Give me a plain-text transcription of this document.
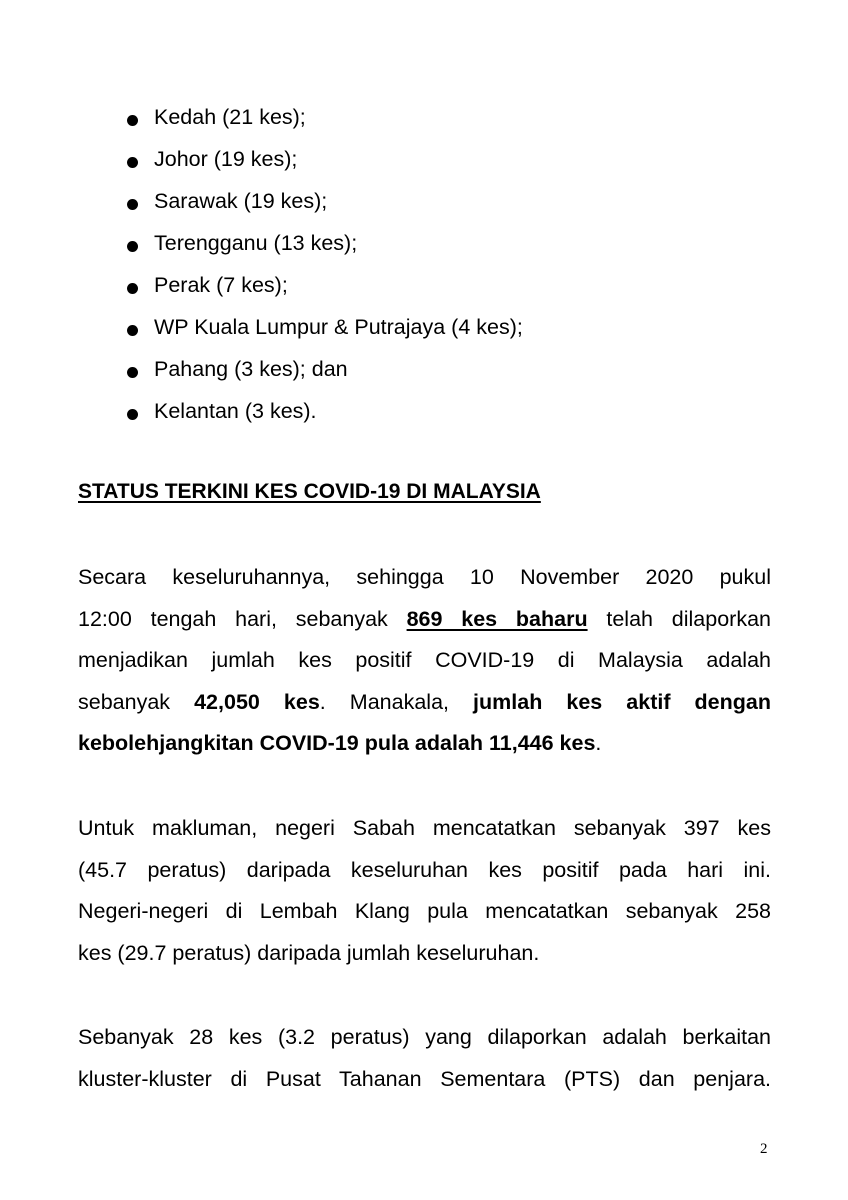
Kedah (21 kes);
Johor (19 kes);
Sarawak (19 kes);
Terengganu (13 kes);
Perak (7 kes);
WP Kuala Lumpur & Putrajaya (4 kes);
Pahang (3 kes); dan
Kelantan (3 kes).
STATUS TERKINI KES COVID-19 DI MALAYSIA
Secara keseluruhannya, sehingga 10 November 2020 pukul
12:00 tengah hari, sebanyak 869 kes baharu telah dilaporkan
menjadikan jumlah kes positif COVID-19 di Malaysia adalah
sebanyak 42,050 kes. Manakala, jumlah kes aktif dengan
kebolehjangkitan COVID-19 pula adalah 11,446 kes.
Untuk makluman, negeri Sabah mencatatkan sebanyak 397 kes
(45.7 peratus) daripada keseluruhan kes positif pada hari ini.
Negeri-negeri di Lembah Klang pula mencatatkan sebanyak 258
kes (29.7 peratus) daripada jumlah keseluruhan.
Sebanyak 28 kes (3.2 peratus) yang dilaporkan adalah berkaitan
kluster-kluster di Pusat Tahanan Sementara (PTS) dan penjara.
2
